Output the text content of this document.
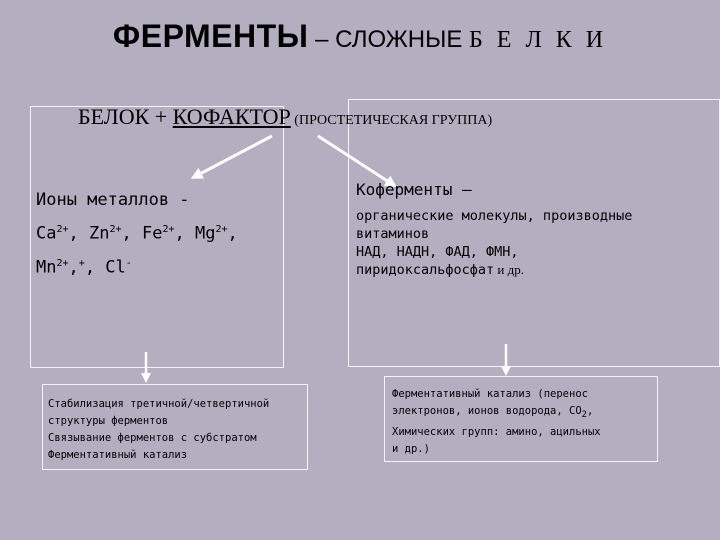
ФЕРМЕНТЫ – СЛОЖНЫЕ Б Е Л К И
БЕЛОК + КОФАКТОР (ПРОСТЕТИЧЕСКАЯ ГРУППА)
Ионы металлов -
$Ca^{2+}$, $Zn^{2+}$, $Fe^{2+}$, $Mg^{2+}$,
$Mn^{2+},^+$, Cl-
Коферменты –
органические молекулы, производные
витаминов
НАД, НАДН, ФАД, ФМН,
пиридоксальфосфат и др.
Стабилизация третичной/четвертичной
структуры ферментов
Связывание ферментов с субстратом
Ферментативный катализ
Ферментативный катализ (перенос
электронов, ионов водорода, $CO_2$,
Химических групп: амино, ацильных
и др.)
